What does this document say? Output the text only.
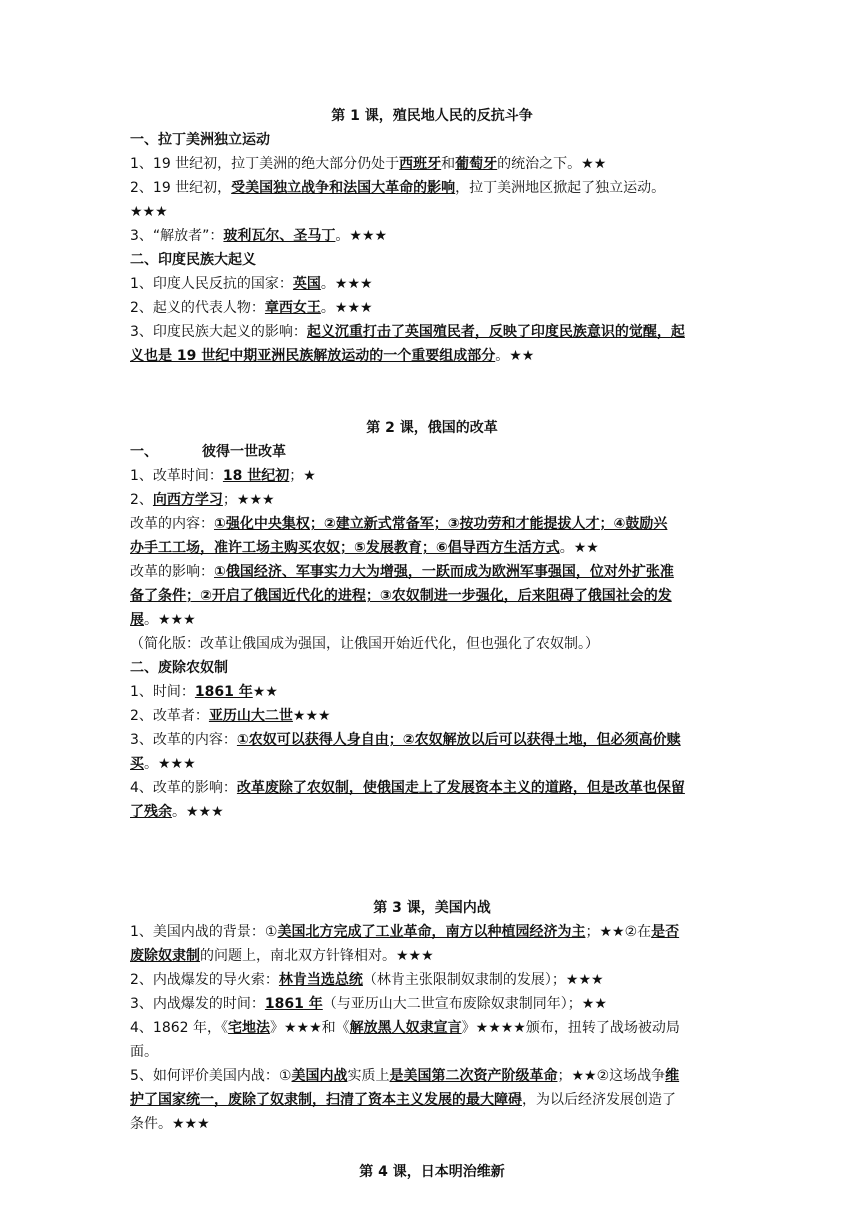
第 1 课，殖民地人民的反抗斗争
一、拉丁美洲独立运动
1、19 世纪初，拉丁美洲的绝大部分仍处于西班牙和葡萄牙的统治之下。★★
2、19 世纪初，受美国独立战争和法国大革命的影响，拉丁美洲地区掀起了独立运动。
★★★
3、“解放者”：玻利瓦尔、圣马丁。★★★
二、印度民族大起义
1、印度人民反抗的国家：英国。★★★
2、起义的代表人物：章西女王。★★★
3、印度民族大起义的影响：起义沉重打击了英国殖民者，反映了印度民族意识的觉醒，起
义也是 19 世纪中期亚洲民族解放运动的一个重要组成部分。★★
第 2 课，俄国的改革
一、	彼得一世改革
1、改革时间：18 世纪初；★
2、向西方学习；★★★
改革的内容：①强化中央集权；②建立新式常备军；③按功劳和才能提拔人才；④鼓励兴
办手工工场，准许工场主购买农奴；⑤发展教育；⑥倡导西方生活方式。★★
改革的影响：①俄国经济、军事实力大为增强，一跃而成为欧洲军事强国，位对外扩张准
备了条件；②开启了俄国近代化的进程；③农奴制进一步强化，后来阻碍了俄国社会的发
展。★★★
（简化版：改革让俄国成为强国，让俄国开始近代化，但也强化了农奴制。）
二、废除农奴制
1、时间：1861 年★★
2、改革者：亚历山大二世★★★
3、改革的内容：①农奴可以获得人身自由；②农奴解放以后可以获得土地，但必须高价赎
买。★★★
4、改革的影响：改革废除了农奴制，使俄国走上了发展资本主义的道路，但是改革也保留
了残余。★★★
第 3 课，美国内战
1、美国内战的背景：①美国北方完成了工业革命，南方以种植园经济为主；★★②在是否
废除奴隶制的问题上，南北双方针锋相对。★★★
2、内战爆发的导火索：林肯当选总统（林肯主张限制奴隶制的发展）；★★★
3、内战爆发的时间：1861 年（与亚历山大二世宣布废除奴隶制同年）；★★
4、1862 年，《宅地法》★★★和《解放黑人奴隶宣言》★★★★颁布，扭转了战场被动局
面。
5、如何评价美国内战：①美国内战实质上是美国第二次资产阶级革命；★★②这场战争维
护了国家统一，废除了奴隶制，扫清了资本主义发展的最大障碍，为以后经济发展创造了
条件。★★★
第 4 课，日本明治维新
